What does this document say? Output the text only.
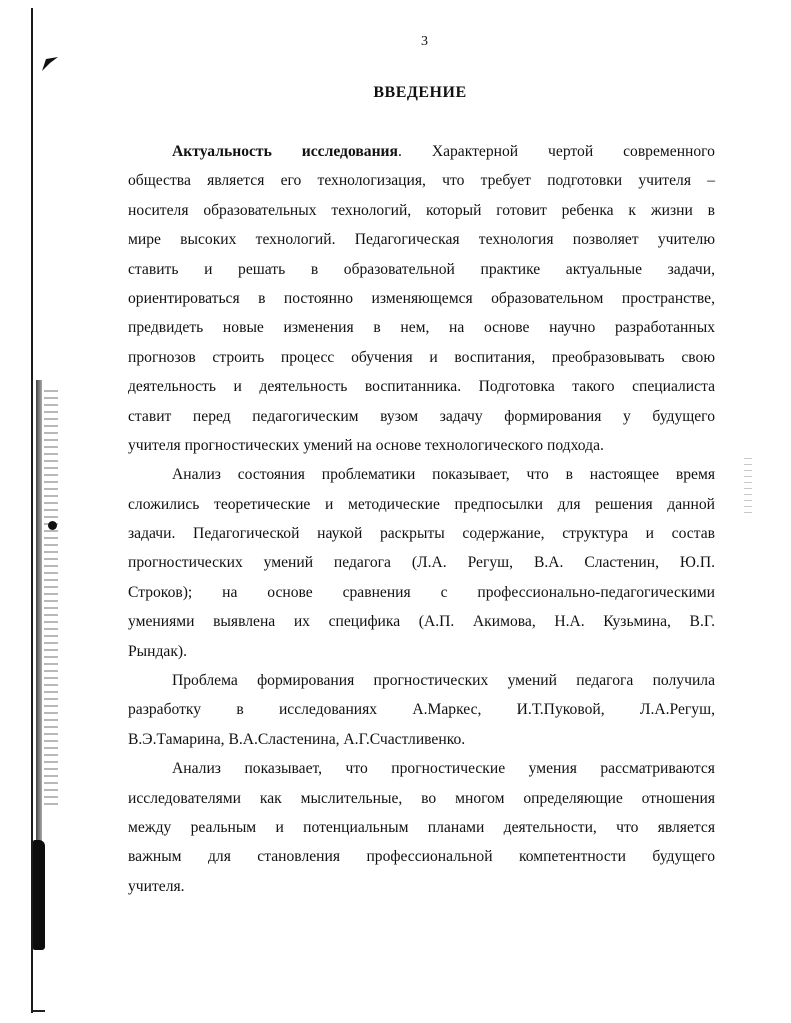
3
ВВЕДЕНИЕ
Актуальность исследования. Характерной чертой современного
общества является его технологизация, что требует подготовки учителя –
носителя образовательных технологий, который готовит ребенка к жизни в
мире высоких технологий. Педагогическая технология позволяет учителю
ставить и решать в образовательной практике актуальные задачи,
ориентироваться в постоянно изменяющемся образовательном пространстве,
предвидеть новые изменения в нем, на основе научно разработанных
прогнозов строить процесс обучения и воспитания, преобразовывать свою
деятельность и деятельность воспитанника. Подготовка такого специалиста
ставит перед педагогическим вузом задачу формирования у будущего
учителя прогностических умений на основе технологического подхода.
Анализ состояния проблематики показывает, что в настоящее время
сложились теоретические и методические предпосылки для решения данной
задачи. Педагогической наукой раскрыты содержание, структура и состав
прогностических умений педагога (Л.А. Регуш, В.А. Сластенин, Ю.П.
Строков); на основе сравнения с профессионально-педагогическими
умениями выявлена их специфика (А.П. Акимова, Н.А. Кузьмина, В.Г.
Рындак).
Проблема формирования прогностических умений педагога получила
разработку в исследованиях А.Маркес, И.Т.Пуковой, Л.А.Регуш,
В.Э.Тамарина, В.А.Сластенина, А.Г.Счастливенко.
Анализ показывает, что прогностические умения рассматриваются
исследователями как мыслительные, во многом определяющие отношения
между реальным и потенциальным планами деятельности, что является
важным для становления профессиональной компетентности будущего
учителя.
